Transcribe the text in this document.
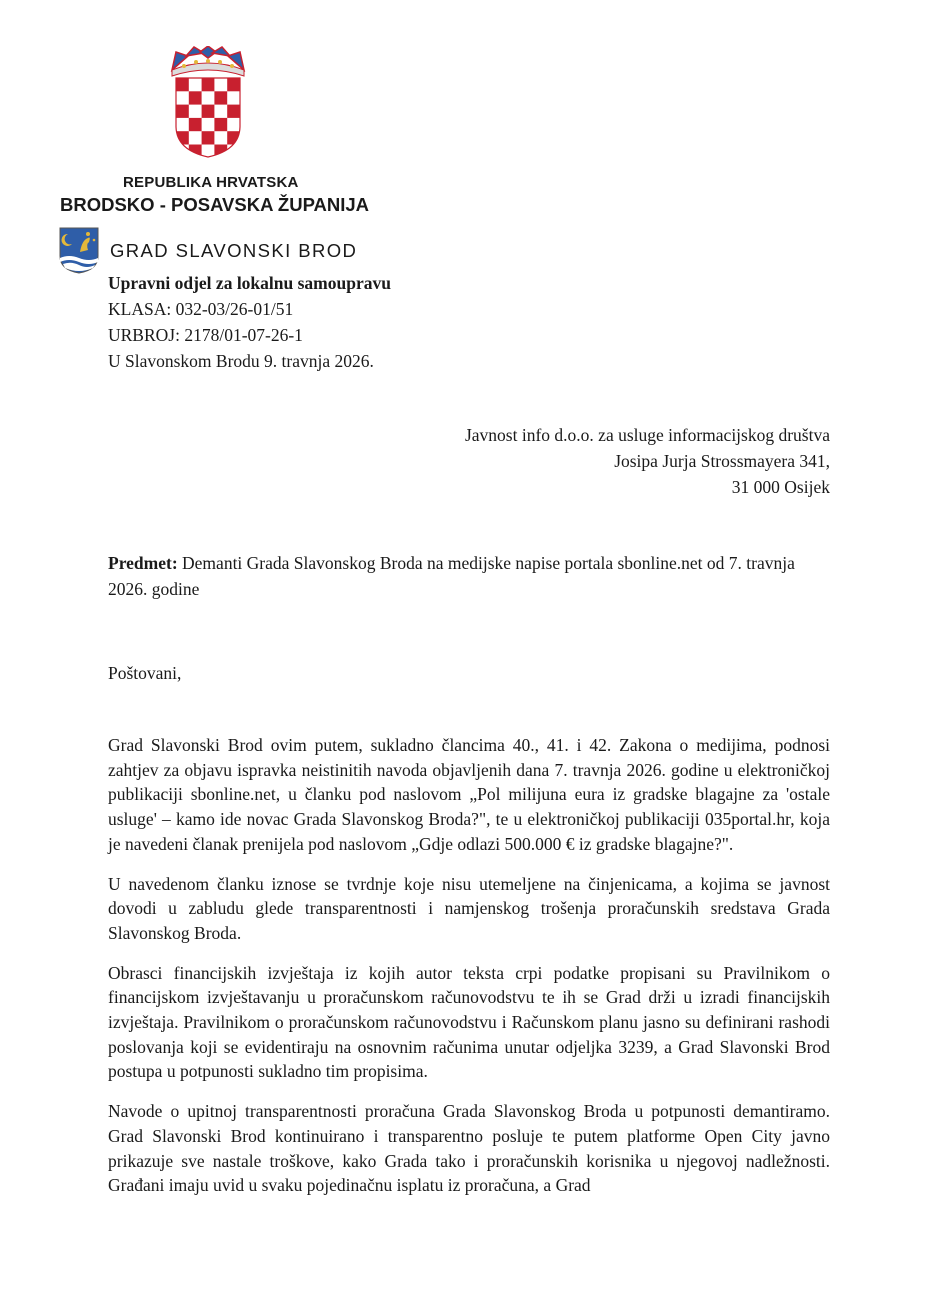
REPUBLIKA HRVATSKA
BRODSKO - POSAVSKA ŽUPANIJA
GRAD SLAVONSKI BROD
Upravni odjel za lokalnu samoupravu
KLASA: 032-03/26-01/51
URBROJ: 2178/01-07-26-1
U Slavonskom Brodu 9. travnja 2026.
Javnost info d.o.o. za usluge informacijskog društva
Josipa Jurja Strossmayera 341,
31 000 Osijek
Predmet: Demanti Grada Slavonskog Broda na medijske napise portala sbonline.net od 7. travnja 2026. godine
Poštovani,

Grad Slavonski Brod ovim putem, sukladno člancima 40., 41. i 42. Zakona o medijima, podnosi zahtjev za objavu ispravka neistinitih navoda objavljenih dana 7. travnja 2026. godine u elektroničkoj publikaciji sbonline.net, u članku pod naslovom „Pol milijuna eura iz gradske blagajne za 'ostale usluge' – kamo ide novac Grada Slavonskog Broda?", te u elektroničkoj publikaciji 035portal.hr, koja je navedeni članak prenijela pod naslovom „Gdje odlazi 500.000 € iz gradske blagajne?".

U navedenom članku iznose se tvrdnje koje nisu utemeljene na činjenicama, a kojima se javnost dovodi u zabludu glede transparentnosti i namjenskog trošenja proračunskih sredstava Grada Slavonskog Broda.

Obrasci financijskih izvještaja iz kojih autor teksta crpi podatke propisani su Pravilnikom o financijskom izvještavanju u proračunskom računovodstvu te ih se Grad drži u izradi financijskih izvještaja. Pravilnikom o proračunskom računovodstvu i Računskom planu jasno su definirani rashodi poslovanja koji se evidentiraju na osnovnim računima unutar odjeljka 3239, a Grad Slavonski Brod postupa u potpunosti sukladno tim propisima.

Navode o upitnoj transparentnosti proračuna Grada Slavonskog Broda u potpunosti demantiramo. Grad Slavonski Brod kontinuirano i transparentno posluje te putem platforme Open City javno prikazuje sve nastale troškove, kako Grada tako i proračunskih korisnika u njegovoj nadležnosti. Građani imaju uvid u svaku pojedinačnu isplatu iz proračuna, a Grad
